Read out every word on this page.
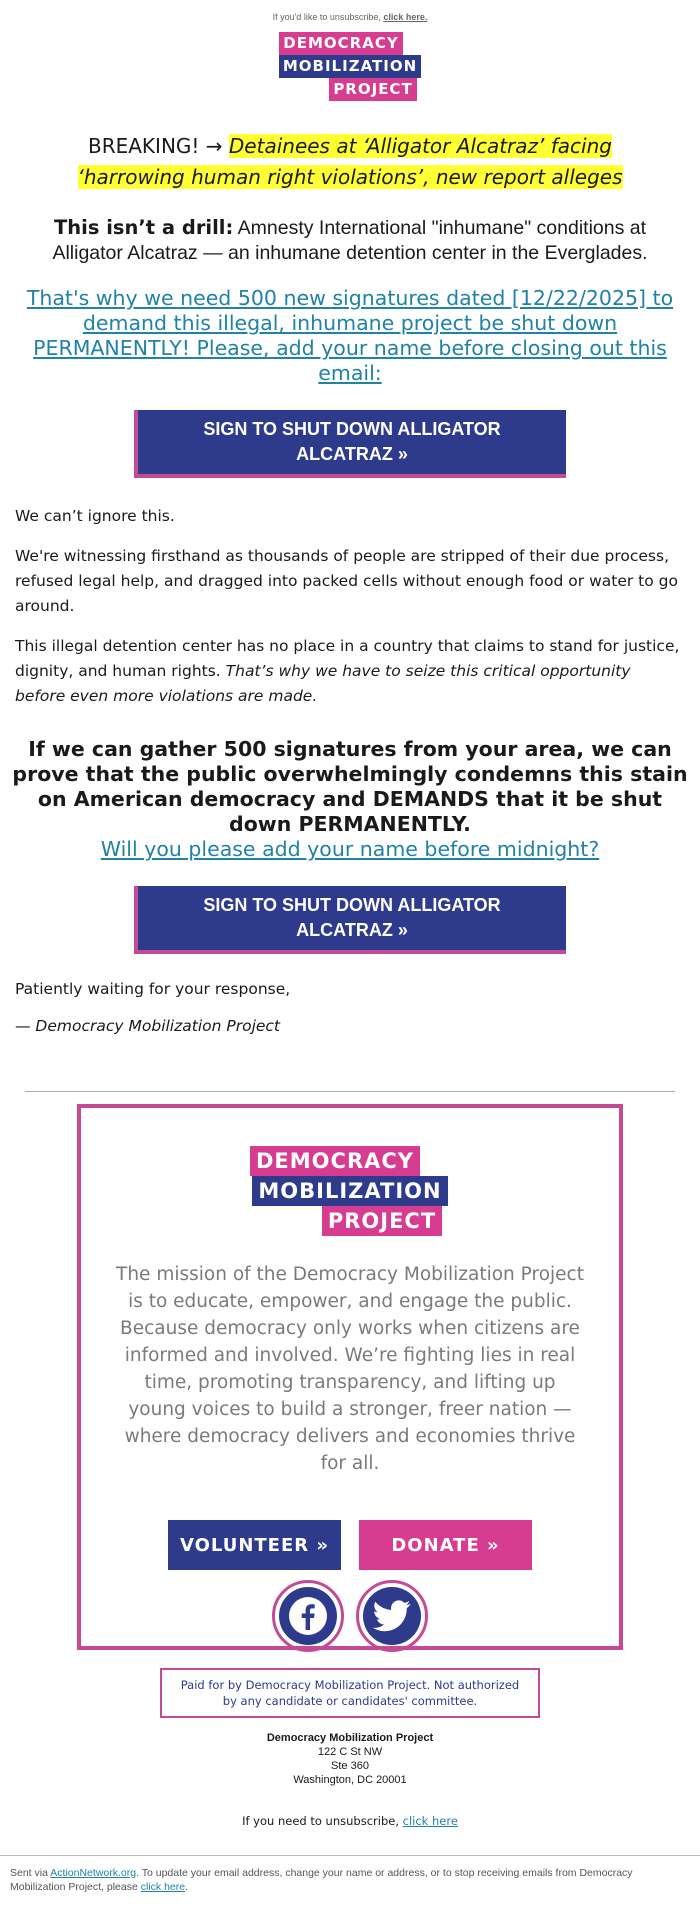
If you'd like to unsubscribe, click here.
DEMOCRACY
MOBILIZATION
PROJECT
BREAKING! → Detainees at ‘Alligator Alcatraz’ facing ‘harrowing human right violations’, new report alleges
This isn’t a drill: Amnesty International "inhumane" conditions at Alligator Alcatraz — an inhumane detention center in the Everglades.
That's why we need 500 new signatures dated [12/22/2025] to demand this illegal, inhumane project be shut down PERMANENTLY! Please, add your name before closing out this email:
SIGN TO SHUT DOWN ALLIGATOR ALCATRAZ »
We can’t ignore this.
We're witnessing firsthand as thousands of people are stripped of their due process, refused legal help, and dragged into packed cells without enough food or water to go around.
This illegal detention center has no place in a country that claims to stand for justice, dignity, and human rights. That’s why we have to seize this critical opportunity before even more violations are made.
If we can gather 500 signatures from your area, we can prove that the public overwhelmingly condemns this stain on American democracy and DEMANDS that it be shut down PERMANENTLY.
Will you please add your name before midnight?
SIGN TO SHUT DOWN ALLIGATOR ALCATRAZ »
Patiently waiting for your response,
— Democracy Mobilization Project
DEMOCRACY
MOBILIZATION
PROJECT
The mission of the Democracy Mobilization Project is to educate, empower, and engage the public. Because democracy only works when citizens are informed and involved. We’re fighting lies in real time, promoting transparency, and lifting up young voices to build a stronger, freer nation — where democracy delivers and economies thrive for all.
VOLUNTEER »	DONATE »
Paid for by Democracy Mobilization Project. Not authorized by any candidate or candidates' committee.
Democracy Mobilization Project
122 C St NW
Ste 360
Washington, DC 20001
If you need to unsubscribe, click here
Sent via ActionNetwork.org. To update your email address, change your name or address, or to stop receiving emails from Democracy Mobilization Project, please click here.
